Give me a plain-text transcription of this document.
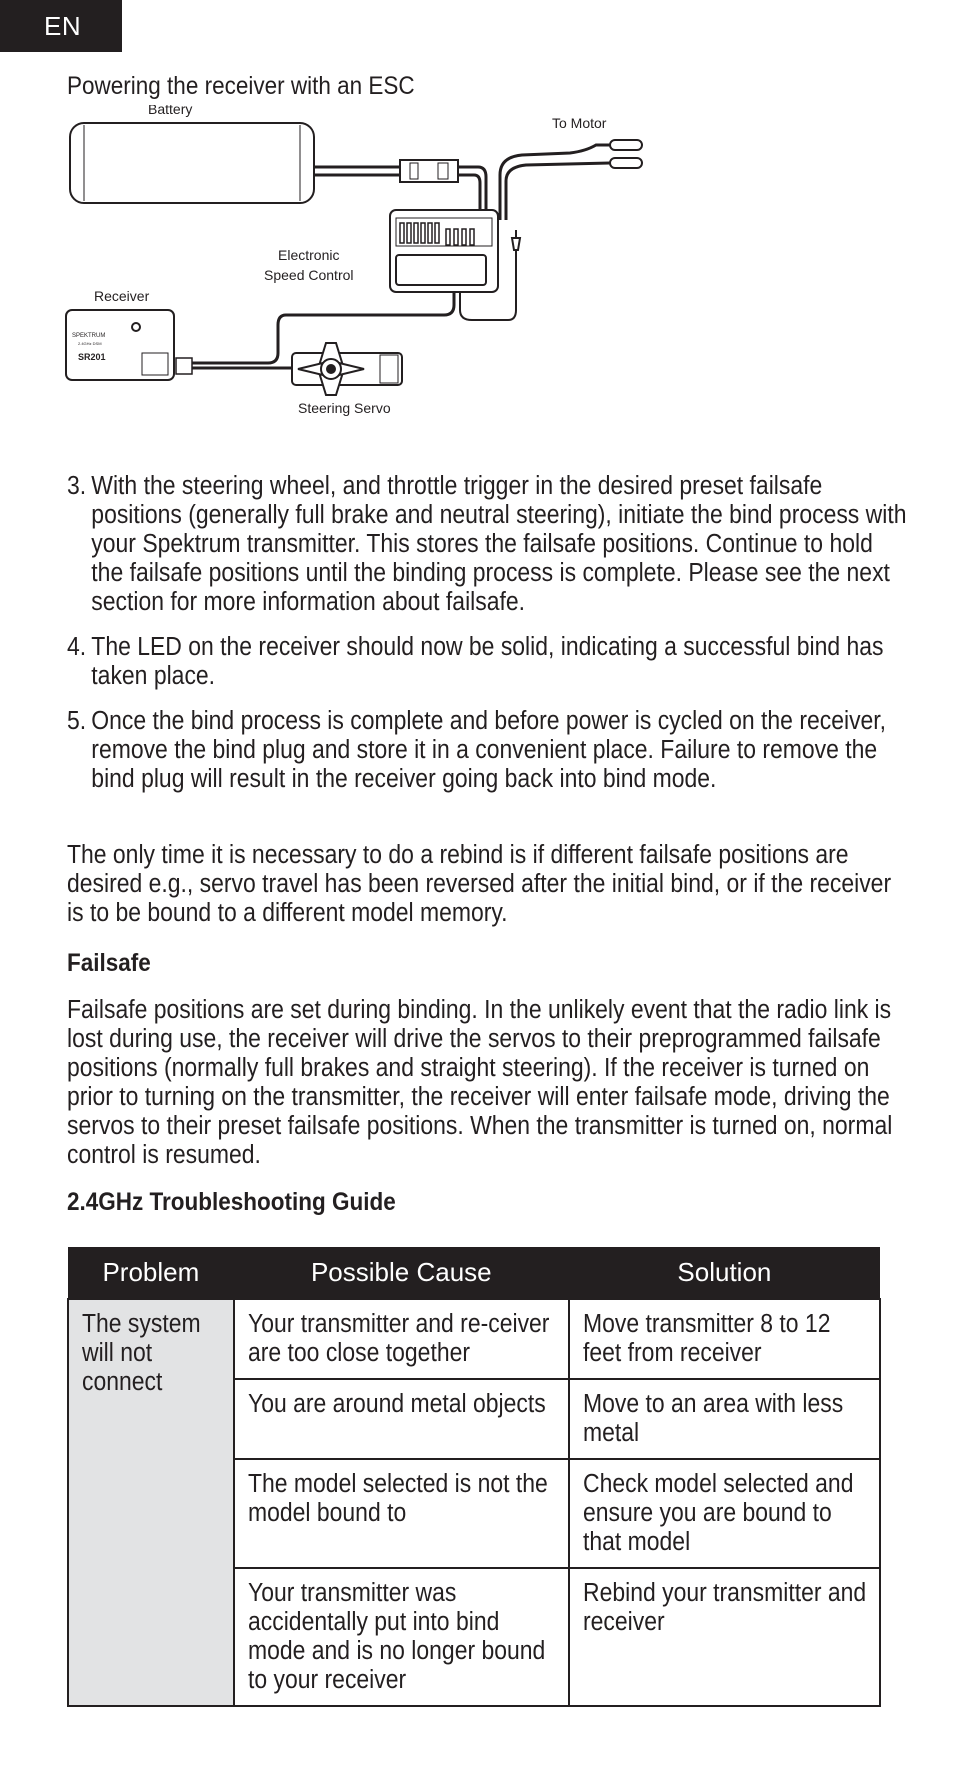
EN
Powering the receiver with an ESC
Battery
To Motor
Electronic
Speed Control
Receiver
Steering Servo
SPEKTRUM
2.4GHz DSM
SR201
3. With the steering wheel, and throttle trigger in the desired preset failsafe positions (generally full brake and neutral steering), initiate the bind process with your Spektrum transmitter. This stores the failsafe positions. Continue to hold the failsafe positions until the binding process is complete. Please see the next section for more information about failsafe.
4. The LED on the receiver should now be solid, indicating a successful bind has taken place.
5. Once the bind process is complete and before power is cycled on the receiver, remove the bind plug and store it in a convenient place. Failure to remove the bind plug will result in the receiver going back into bind mode.
The only time it is necessary to do a rebind is if different failsafe positions are desired e.g., servo travel has been reversed after the initial bind, or if the receiver is to be bound to a different model memory.
Failsafe
Failsafe positions are set during binding. In the unlikely event that the radio link is lost during use, the receiver will drive the servos to their preprogrammed failsafe positions (normally full brakes and straight steering). If the receiver is turned on prior to turning on the transmitter, the receiver will enter failsafe mode, driving the servos to their preset failsafe positions. When the transmitter is turned on, normal control is resumed.
2.4GHz Troubleshooting Guide
Problem	Possible Cause	Solution

The system will not connect	Your transmitter and re-ceiver are too close together	Move transmitter 8 to 12 feet from receiver

	You are around metal objects	Move to an area with less metal

	The model selected is not the model bound to	Check model selected and ensure you are bound to that model

	Your transmitter was accidentally put into bind mode and is no longer bound to your receiver	Rebind your transmitter and receiver
